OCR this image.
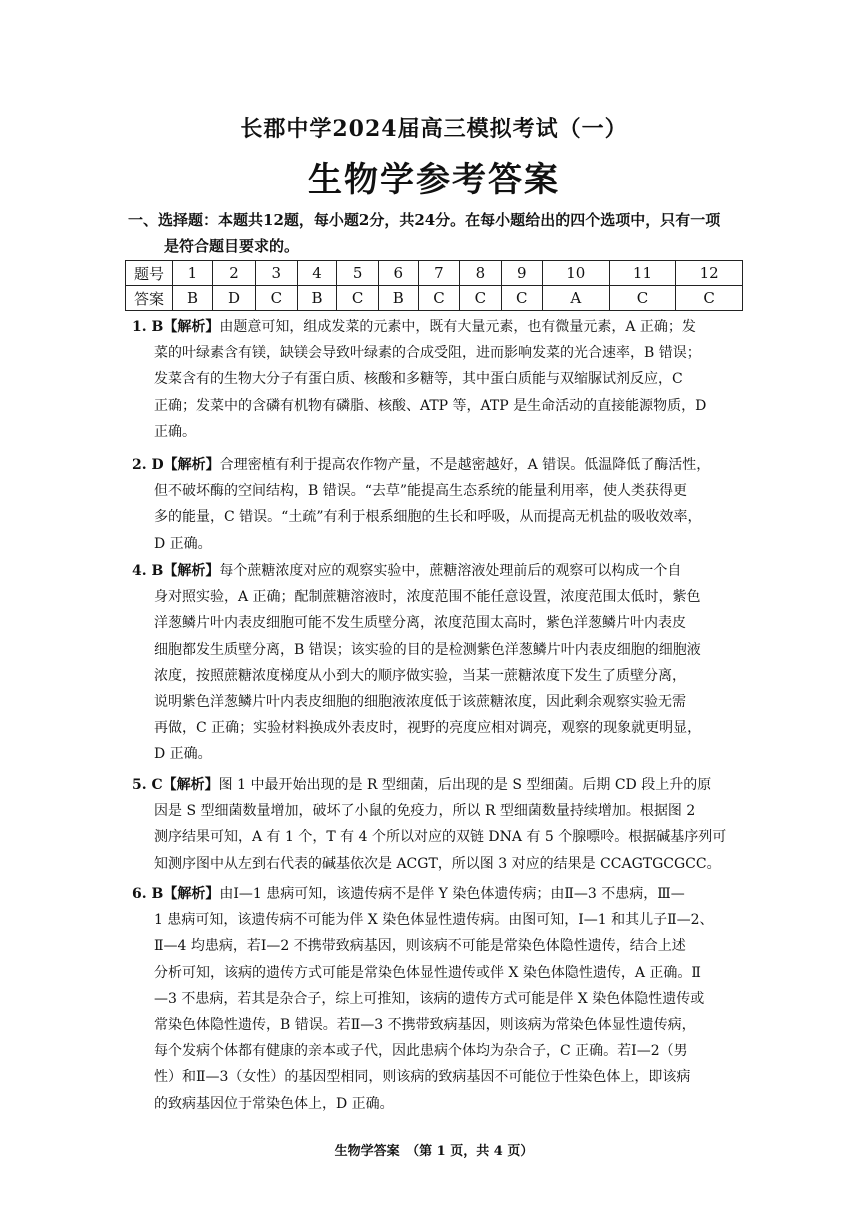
长郡中学2024届高三模拟考试（一）
生物学参考答案
一、选择题：本题共12题，每小题2分，共24分。在每小题给出的四个选项中，只有一项
是符合题目要求的。
题号	1	2	3	4	5	6	7	8	9	10	11	12
答案	B	D	C	B	C	B	C	C	C	A	C	C

1. B【解析】由题意可知，组成发菜的元素中，既有大量元素，也有微量元素，A 正确；发

菜的叶绿素含有镁，缺镁会导致叶绿素的合成受阻，进而影响发菜的光合速率，B 错误；

发菜含有的生物大分子有蛋白质、核酸和多糖等，其中蛋白质能与双缩脲试剂反应，C

正确；发菜中的含磷有机物有磷脂、核酸、ATP 等，ATP 是生命活动的直接能源物质，D

正确。

2. D【解析】合理密植有利于提高农作物产量，不是越密越好，A 错误。低温降低了酶活性，

但不破坏酶的空间结构，B 错误。“去草”能提高生态系统的能量利用率，使人类获得更

多的能量，C 错误。“土疏”有利于根系细胞的生长和呼吸，从而提高无机盐的吸收效率，

D 正确。

4. B【解析】每个蔗糖浓度对应的观察实验中，蔗糖溶液处理前后的观察可以构成一个自

身对照实验，A 正确；配制蔗糖溶液时，浓度范围不能任意设置，浓度范围太低时，紫色

洋葱鳞片叶内表皮细胞可能不发生质壁分离，浓度范围太高时，紫色洋葱鳞片叶内表皮

细胞都发生质壁分离，B 错误；该实验的目的是检测紫色洋葱鳞片叶内表皮细胞的细胞液

浓度，按照蔗糖浓度梯度从小到大的顺序做实验，当某一蔗糖浓度下发生了质壁分离，

说明紫色洋葱鳞片叶内表皮细胞的细胞液浓度低于该蔗糖浓度，因此剩余观察实验无需

再做，C 正确；实验材料换成外表皮时，视野的亮度应相对调亮，观察的现象就更明显，

D 正确。

5. C【解析】图 1 中最开始出现的是 R 型细菌，后出现的是 S 型细菌。后期 CD 段上升的原

因是 S 型细菌数量增加，破坏了小鼠的免疫力，所以 R 型细菌数量持续增加。根据图 2

测序结果可知，A 有 1 个，T 有 4 个所以对应的双链 DNA 有 5 个腺嘌呤。根据碱基序列可

知测序图中从左到右代表的碱基依次是 ACGT，所以图 3 对应的结果是 CCAGTGCGCC。

6. B【解析】由Ⅰ—1 患病可知，该遗传病不是伴 Y 染色体遗传病；由Ⅱ—3 不患病，Ⅲ—

1 患病可知，该遗传病不可能为伴 X 染色体显性遗传病。由图可知，Ⅰ—1 和其儿子Ⅱ—2、

Ⅱ—4 均患病，若Ⅰ—2 不携带致病基因，则该病不可能是常染色体隐性遗传，结合上述

分析可知，该病的遗传方式可能是常染色体显性遗传或伴 X 染色体隐性遗传，A 正确。Ⅱ

—3 不患病，若其是杂合子，综上可推知，该病的遗传方式可能是伴 X 染色体隐性遗传或

常染色体隐性遗传，B 错误。若Ⅱ—3 不携带致病基因，则该病为常染色体显性遗传病，

每个发病个体都有健康的亲本或子代，因此患病个体均为杂合子，C 正确。若Ⅰ—2（男

性）和Ⅱ—3（女性）的基因型相同，则该病的致病基因不可能位于性染色体上，即该病

的致病基因位于常染色体上，D 正确。

生物学答案　（第 1 页，共 4 页）
